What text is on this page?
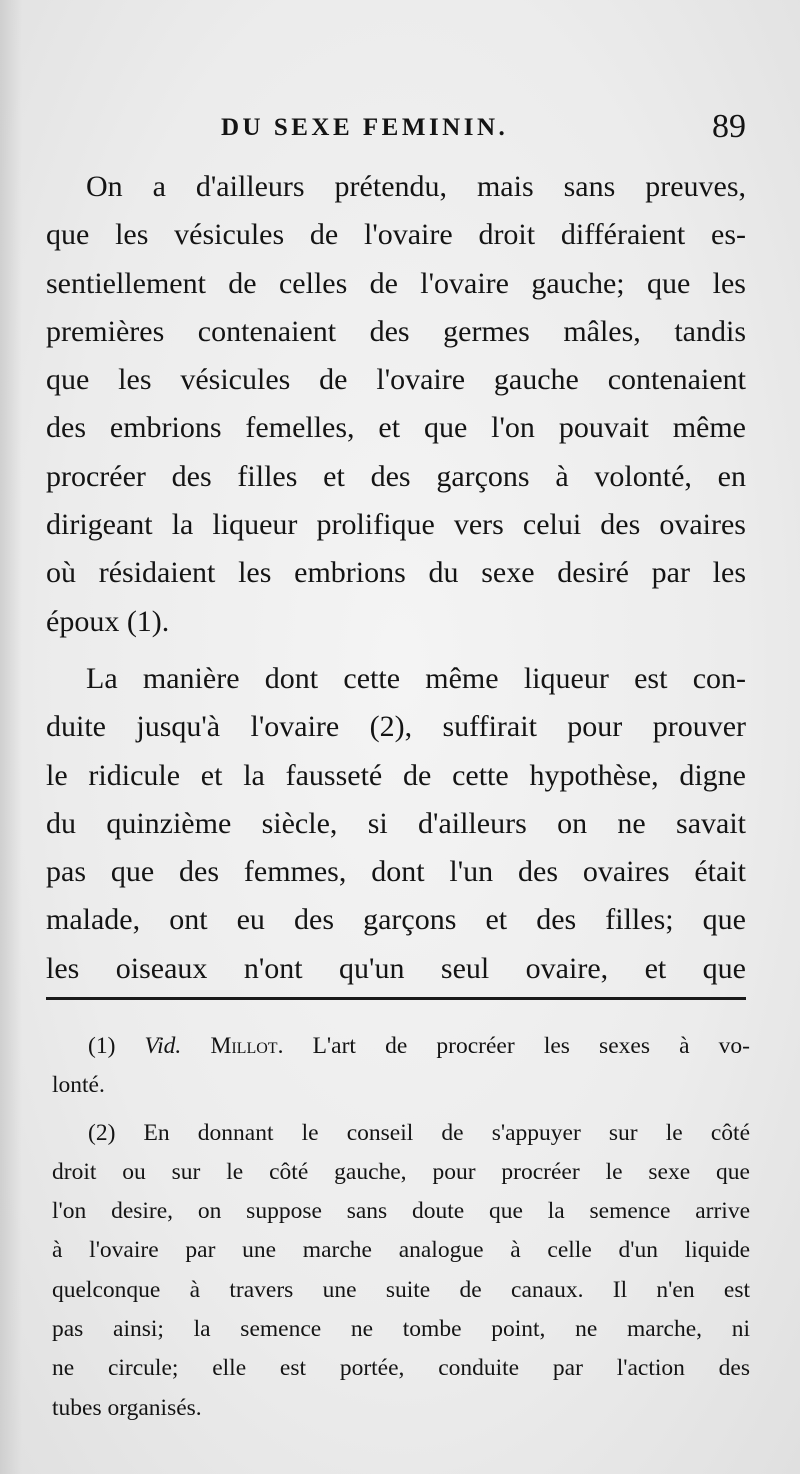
DU SEXE FEMININ.	89
On a d'ailleurs prétendu, mais sans preuves,
que les vésicules de l'ovaire droit différaient es-
sentiellement de celles de l'ovaire gauche; que les
premières contenaient des germes mâles, tandis
que les vésicules de l'ovaire gauche contenaient
des embrions femelles, et que l'on pouvait même
procréer des filles et des garçons à volonté, en
dirigeant la liqueur prolifique vers celui des ovaires
où résidaient les embrions du sexe desiré par les
époux (1).
La manière dont cette même liqueur est con-
duite jusqu'à l'ovaire (2), suffirait pour prouver
le ridicule et la fausseté de cette hypothèse, digne
du quinzième siècle, si d'ailleurs on ne savait
pas que des femmes, dont l'un des ovaires était
malade, ont eu des garçons et des filles; que
les oiseaux n'ont qu'un seul ovaire, et que
(1) Vid. Millot. L'art de procréer les sexes à vo-
lonté.
(2) En donnant le conseil de s'appuyer sur le côté
droit ou sur le côté gauche, pour procréer le sexe que
l'on desire, on suppose sans doute que la semence arrive
à l'ovaire par une marche analogue à celle d'un liquide
quelconque à travers une suite de canaux. Il n'en est
pas ainsi; la semence ne tombe point, ne marche, ni
ne circule; elle est portée, conduite par l'action des
tubes organisés.
